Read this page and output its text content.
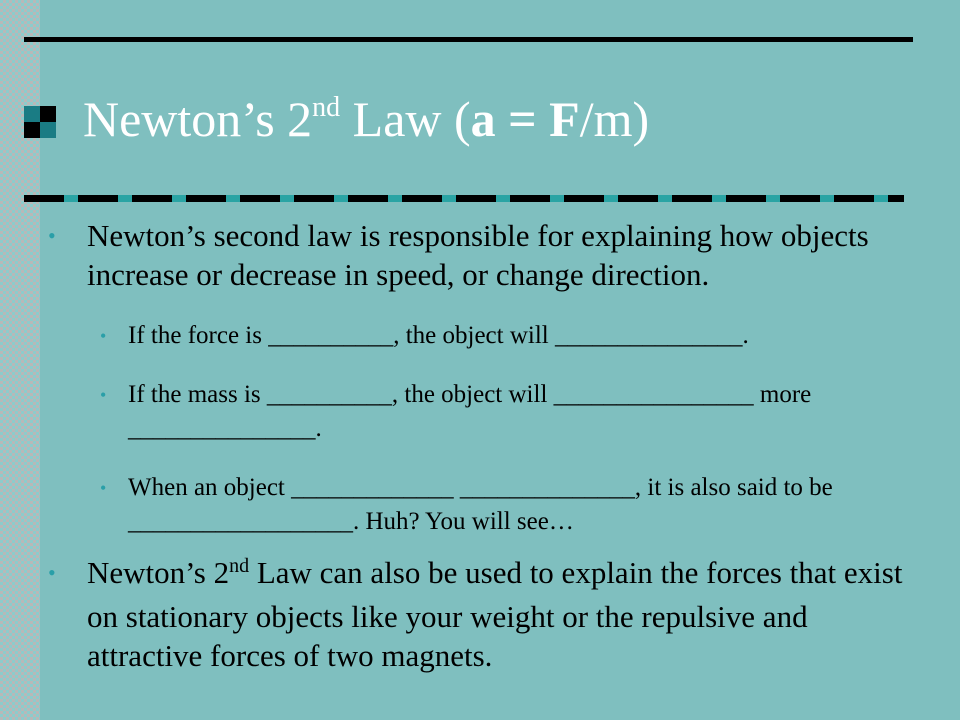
Newton’s 2nd Law (a = F/m)

• Newton’s second law is responsible for explaining how objects increase or decrease in speed, or change direction.

• If the force is __________, the object will _______________.

• If the mass is __________, the object will ________________ more _______________.

• When an object _____________ ______________, it is also said to be __________________. Huh? You will see…

• Newton’s 2nd Law can also be used to explain the forces that exist on stationary objects like your weight or the repulsive and attractive forces of two magnets.
